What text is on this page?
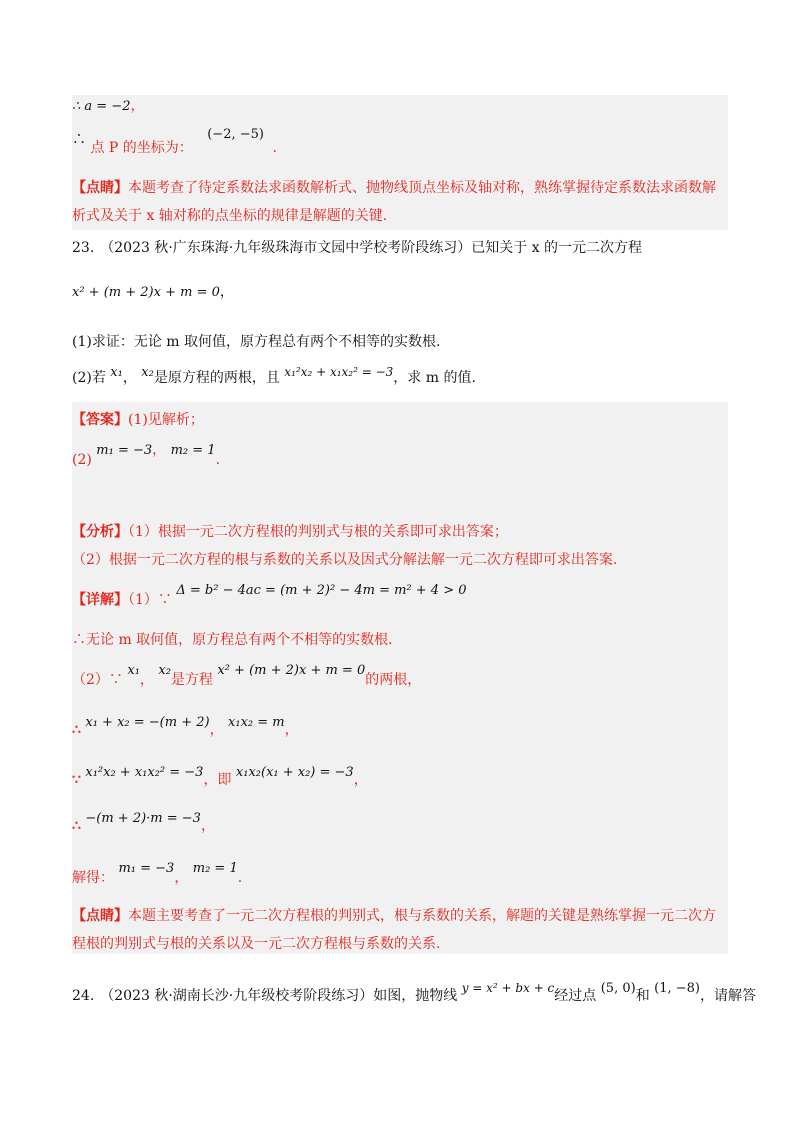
∴ a = −2，
∴ 点 P 的坐标为： (−2, −5) .
【点睛】本题考查了待定系数法求函数解析式、抛物线顶点坐标及轴对称，熟练掌握待定系数法求函数解
析式及关于 x 轴对称的点坐标的规律是解题的关键.
23. （2023 秋·广东珠海·九年级珠海市文园中学校考阶段练习）已知关于 x 的一元二次方程
x² + (m + 2)x + m = 0，
(1)求证：无论 m 取何值，原方程总有两个不相等的实数根.
(2)若 x₁， x₂是原方程的两根，且 x₁²x₂ + x₁x₂² = −3，求 m 的值.
【答案】(1)见解析；
(2) m₁ = −3， m₂ = 1.
【分析】（1）根据一元二次方程根的判别式与根的关系即可求出答案；
（2）根据一元二次方程的根与系数的关系以及因式分解法解一元二次方程即可求出答案.
【详解】（1）∵ Δ = b² − 4ac = (m + 2)² − 4m = m² + 4 > 0
∴无论 m 取何值，原方程总有两个不相等的实数根.
（2）∵ x₁， x₂是方程 x² + (m + 2)x + m = 0的两根，
∴ x₁ + x₂ = −(m + 2)， x₁x₂ = m，
∵ x₁²x₂ + x₁x₂² = −3，即 x₁x₂(x₁ + x₂) = −3，
∴ −(m + 2)·m = −3，
解得： m₁ = −3， m₂ = 1.
【点睛】本题主要考查了一元二次方程根的判别式，根与系数的关系，解题的关键是熟练掌握一元二次方
程根的判别式与根的关系以及一元二次方程根与系数的关系.
24. （2023 秋·湖南长沙·九年级校考阶段练习）如图，抛物线 y = x² + bx + c经过点 (5, 0)和 (1, −8)，请解答
